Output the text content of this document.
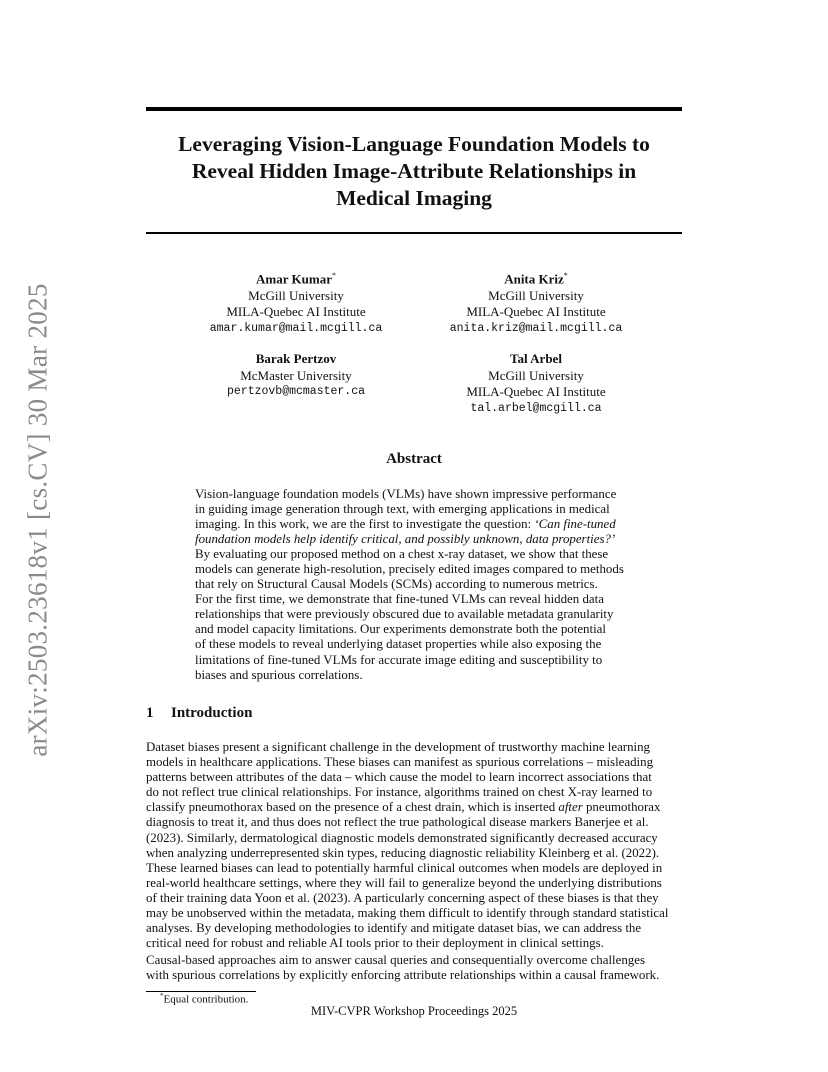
arXiv:2503.23618v1 [cs.CV] 30 Mar 2025
Leveraging Vision-Language Foundation Models to
Reveal Hidden Image-Attribute Relationships in
Medical Imaging
Amar Kumar*
McGill University
MILA-Quebec AI Institute
amar.kumar@mail.mcgill.ca
Anita Kriz*
McGill University
MILA-Quebec AI Institute
anita.kriz@mail.mcgill.ca
Barak Pertzov
McMaster University
pertzovb@mcmaster.ca
Tal Arbel
McGill University
MILA-Quebec AI Institute
tal.arbel@mcgill.ca
Abstract
Vision-language foundation models (VLMs) have shown impressive performance
in guiding image generation through text, with emerging applications in medical
imaging. In this work, we are the first to investigate the question: ‘Can fine-tuned
foundation models help identify critical, and possibly unknown, data properties?’
By evaluating our proposed method on a chest x-ray dataset, we show that these
models can generate high-resolution, precisely edited images compared to methods
that rely on Structural Causal Models (SCMs) according to numerous metrics.
For the first time, we demonstrate that fine-tuned VLMs can reveal hidden data
relationships that were previously obscured due to available metadata granularity
and model capacity limitations. Our experiments demonstrate both the potential
of these models to reveal underlying dataset properties while also exposing the
limitations of fine-tuned VLMs for accurate image editing and susceptibility to
biases and spurious correlations.
1 Introduction
Dataset biases present a significant challenge in the development of trustworthy machine learning
models in healthcare applications. These biases can manifest as spurious correlations – misleading
patterns between attributes of the data – which cause the model to learn incorrect associations that
do not reflect true clinical relationships. For instance, algorithms trained on chest X-ray learned to
classify pneumothorax based on the presence of a chest drain, which is inserted after pneumothorax
diagnosis to treat it, and thus does not reflect the true pathological disease markers Banerjee et al.
(2023). Similarly, dermatological diagnostic models demonstrated significantly decreased accuracy
when analyzing underrepresented skin types, reducing diagnostic reliability Kleinberg et al. (2022).
These learned biases can lead to potentially harmful clinical outcomes when models are deployed in
real-world healthcare settings, where they will fail to generalize beyond the underlying distributions
of their training data Yoon et al. (2023). A particularly concerning aspect of these biases is that they
may be unobserved within the metadata, making them difficult to identify through standard statistical
analyses. By developing methodologies to identify and mitigate dataset bias, we can address the
critical need for robust and reliable AI tools prior to their deployment in clinical settings.
Causal-based approaches aim to answer causal queries and consequentially overcome challenges
with spurious correlations by explicitly enforcing attribute relationships within a causal framework.
*Equal contribution.
MIV-CVPR Workshop Proceedings 2025
